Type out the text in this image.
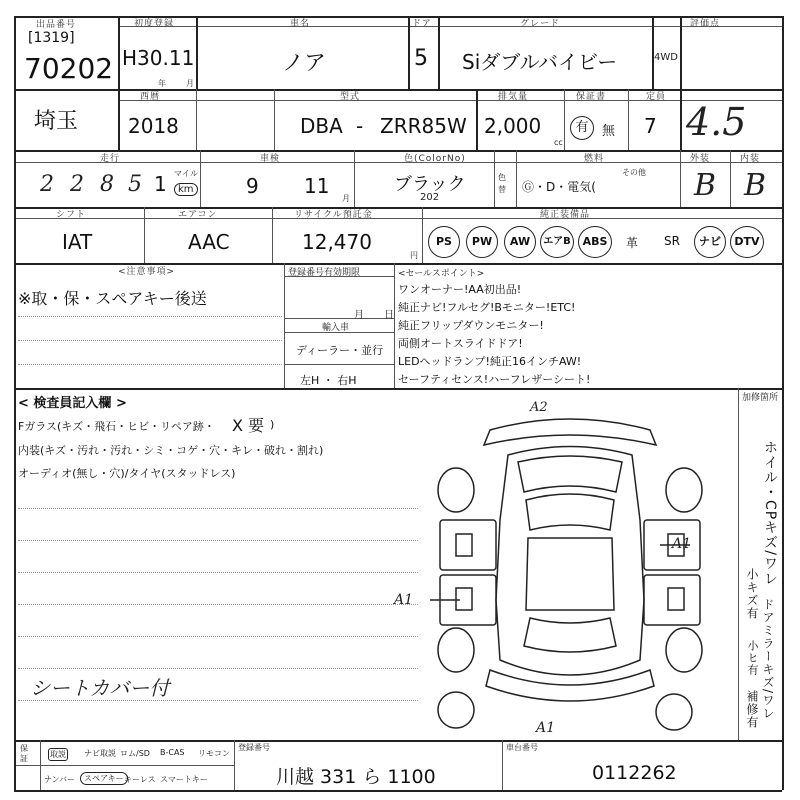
出品番号
[1319]
70202
初度登録
H30.11
年	月
車名
ノア
ドア
5
グレード
Siダブルバイビー	4WD
評価点
4.5
埼玉
西暦
2018
型式
DBA - ZRR85W
排気量
2,000
cc
保証書
有	無
定員
7
走行
2 2 8 5 1 マイル
km
車検
9 11
月
色(ColorNo)
ブラック
202
色替
燃料
Ⓖ・D・電気(
その他
外装
B
内装
B
シフト
IAT
エアコン
AAC
リサイクル預託金
12,470
円
純正装備品
PS	PW	AW	エアB	ABS	革 SR	ナビ	DTV
<注意事項>
※取・保・スペアキー後送
登録番号有効期限
月 日
輸入車
ディーラー・並行
左H ・ 右H
<セールスポイント>
ワンオーナー!AA初出品!
純正ナビ!フルセグ!Bモニター!ETC!
純正フリップダウンモニター!
両側オートスライドドア!
LEDヘッドランプ!純正16インチAW!
セーフティセンス!ハーフレザーシート!
< 検査員記入欄 >
Fガラス(キズ・飛石・ヒビ・リペア跡・ X 要 )
内装(キズ・汚れ・汚れ・シミ・コゲ・穴・キレ・破れ・割れ)
オーディオ(無し・穴)/タイヤ(スタッドレス)
シートカバー付
A2
A1
A1
A1
加修箇所
ホイル・CPキズ/ワレ
小キズ有
ドアミラーキズ/ワレ
小ヒ有
補修有
保証	取説 ナビ取説 ロム/SD B-CAS リモコン
ナンバー	スペアキー キーレス スマートキー
登録番号
川越 331 ら 1100
車台番号
0112262
